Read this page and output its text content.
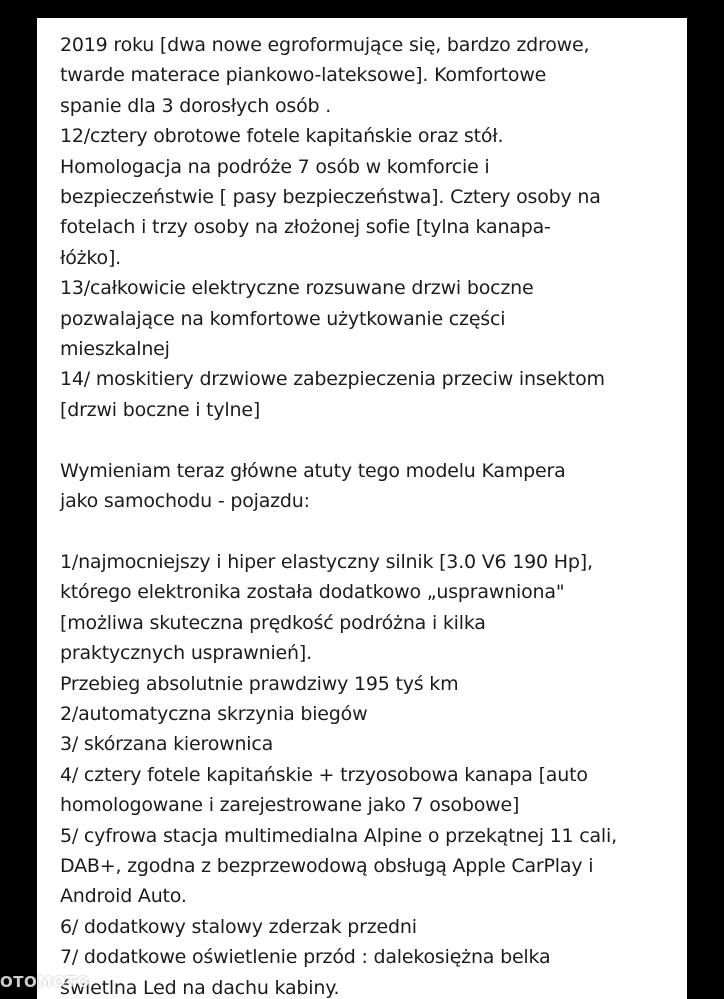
2019 roku [dwa nowe egroformujące się, bardzo zdrowe,
twarde materace piankowo-lateksowe]. Komfortowe
spanie dla 3 dorosłych osób .
12/cztery obrotowe fotele kapitańskie oraz stół.
Homologacja na podróże 7 osób w komforcie i
bezpieczeństwie [ pasy bezpieczeństwa]. Cztery osoby na
fotelach i trzy osoby na złożonej sofie [tylna kanapa-
łóżko].
13/całkowicie elektryczne rozsuwane drzwi boczne
pozwalające na komfortowe użytkowanie części
mieszkalnej
14/ moskitiery drzwiowe zabezpieczenia przeciw insektom
[drzwi boczne i tylne]
Wymieniam teraz główne atuty tego modelu Kampera
jako samochodu - pojazdu:
1/najmocniejszy i hiper elastyczny silnik [3.0 V6 190 Hp],
którego elektronika została dodatkowo „usprawniona"
[możliwa skuteczna prędkość podróżna i kilka
praktycznych usprawnień].
Przebieg absolutnie prawdziwy 195 tyś km
2/automatyczna skrzynia biegów
3/ skórzana kierownica
4/ cztery fotele kapitańskie + trzyosobowa kanapa [auto
homologowane i zarejestrowane jako 7 osobowe]
5/ cyfrowa stacja multimedialna Alpine o przekątnej 11 cali,
DAB+, zgodna z bezprzewodową obsługą Apple CarPlay i
Android Auto.
6/ dodatkowy stalowy zderzak przedni
7/ dodatkowe oświetlenie przód : dalekosiężna belka
świetlna Led na dachu kabiny.
OTOMOTO
